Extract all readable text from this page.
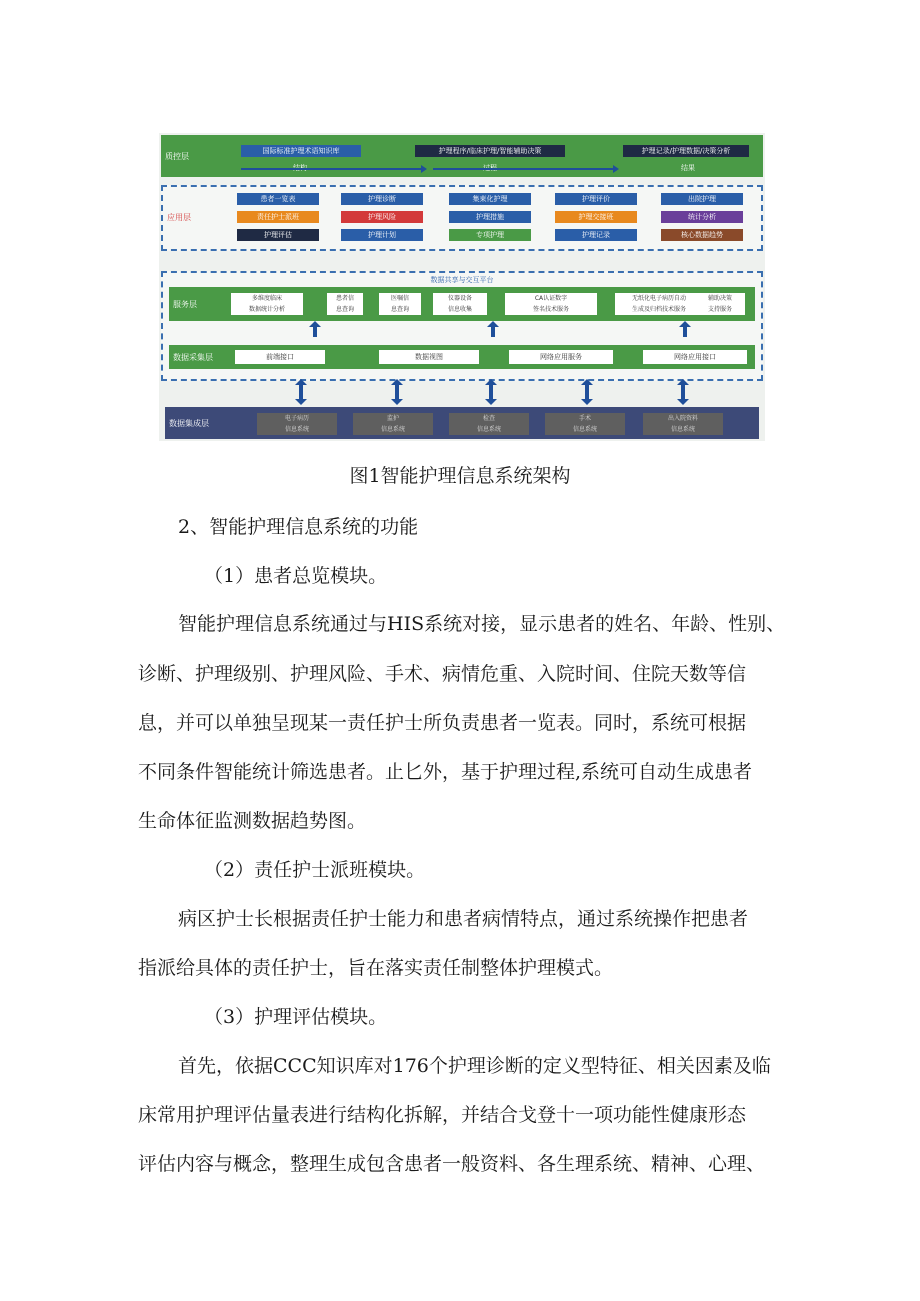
质控层
国际标准护理术语知识库	护理程序/临床护理/智能辅助决策	护理记录/护理数据/决策分析
结果
应用层
患者一览表	护理诊断	集束化护理	护理评价	出院护理
责任护士派班	护理风险	护理措施	护理交接班	统计分析
护理评估	护理计划	专项护理	护理记录	核心数据趋势
数据共享与交互平台
服务层
多维度临床
数据统计分析
患者信
息查询
医嘱信
息查询
仪器设备
信息收集
CA认证数字
签名技术服务
无纸化电子病历自动
生成及归档技术服务
辅助决策
支持服务
数据采集层	前端接口	数据视图	网络应用服务	网络应用接口
数据集成层
电子病历
信息系统
监护
信息系统
检查
信息系统
手术
信息系统
出入院资料
信息系统
图1智能护理信息系统架构
2、智能护理信息系统的功能
（1）患者总览模块。
智能护理信息系统通过与HIS系统对接，显示患者的姓名、年龄、性别、
诊断、护理级别、护理风险、手术、病情危重、入院时间、住院天数等信
息，并可以单独呈现某一责任护士所负责患者一览表。同时，系统可根据
不同条件智能统计筛选患者。止匕外，基于护理过程,系统可自动生成患者
生命体征监测数据趋势图。
（2）责任护士派班模块。
病区护士长根据责任护士能力和患者病情特点，通过系统操作把患者
指派给具体的责任护士，旨在落实责任制整体护理模式。
（3）护理评估模块。
首先，依据CCC知识库对176个护理诊断的定义型特征、相关因素及临
床常用护理评估量表进行结构化拆解，并结合戈登十一项功能性健康形态
评估内容与概念，整理生成包含患者一般资料、各生理系统、精神、心理、
